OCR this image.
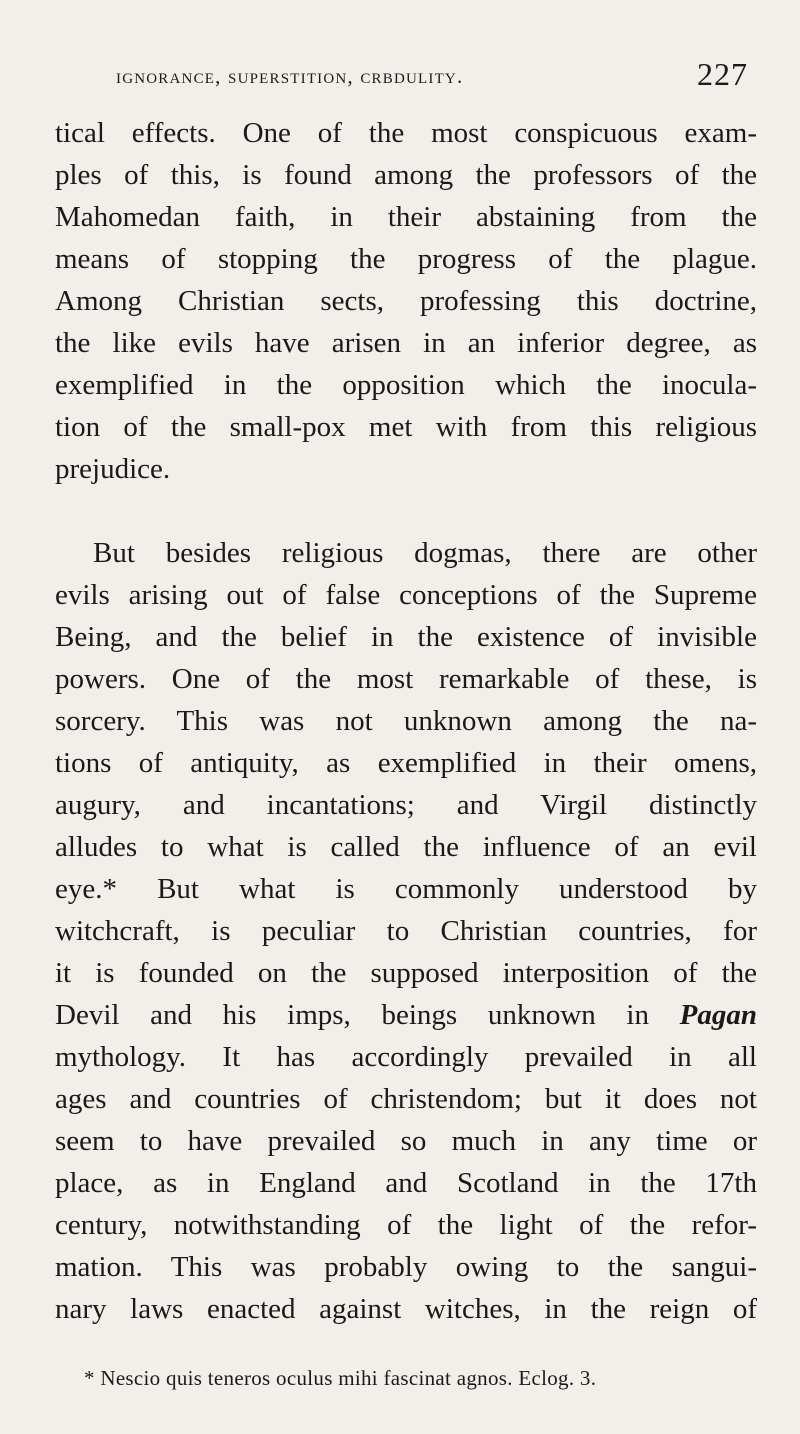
ignorance, superstition, crbdulity.	227
tical effects. One of the most conspicuous exam-
ples of this, is found among the professors of the
Mahomedan faith, in their abstaining from the
means of stopping the progress of the plague.
Among Christian sects, professing this doctrine,
the like evils have arisen in an inferior degree, as
exemplified in the opposition which the inocula-
tion of the small-pox met with from this religious
prejudice.
But besides religious dogmas, there are other
evils arising out of false conceptions of the Supreme
Being, and the belief in the existence of invisible
powers. One of the most remarkable of these, is
sorcery. This was not unknown among the na-
tions of antiquity, as exemplified in their omens,
augury, and incantations; and Virgil distinctly
alludes to what is called the influence of an evil
eye.* But what is commonly understood by
witchcraft, is peculiar to Christian countries, for
it is founded on the supposed interposition of the
Devil and his imps, beings unknown in Pagan
mythology. It has accordingly prevailed in all
ages and countries of christendom; but it does not
seem to have prevailed so much in any time or
place, as in England and Scotland in the 17th
century, notwithstanding of the light of the refor-
mation. This was probably owing to the sangui-
nary laws enacted against witches, in the reign of
* Nescio quis teneros oculus mihi fascinat agnos. Eclog. 3.
